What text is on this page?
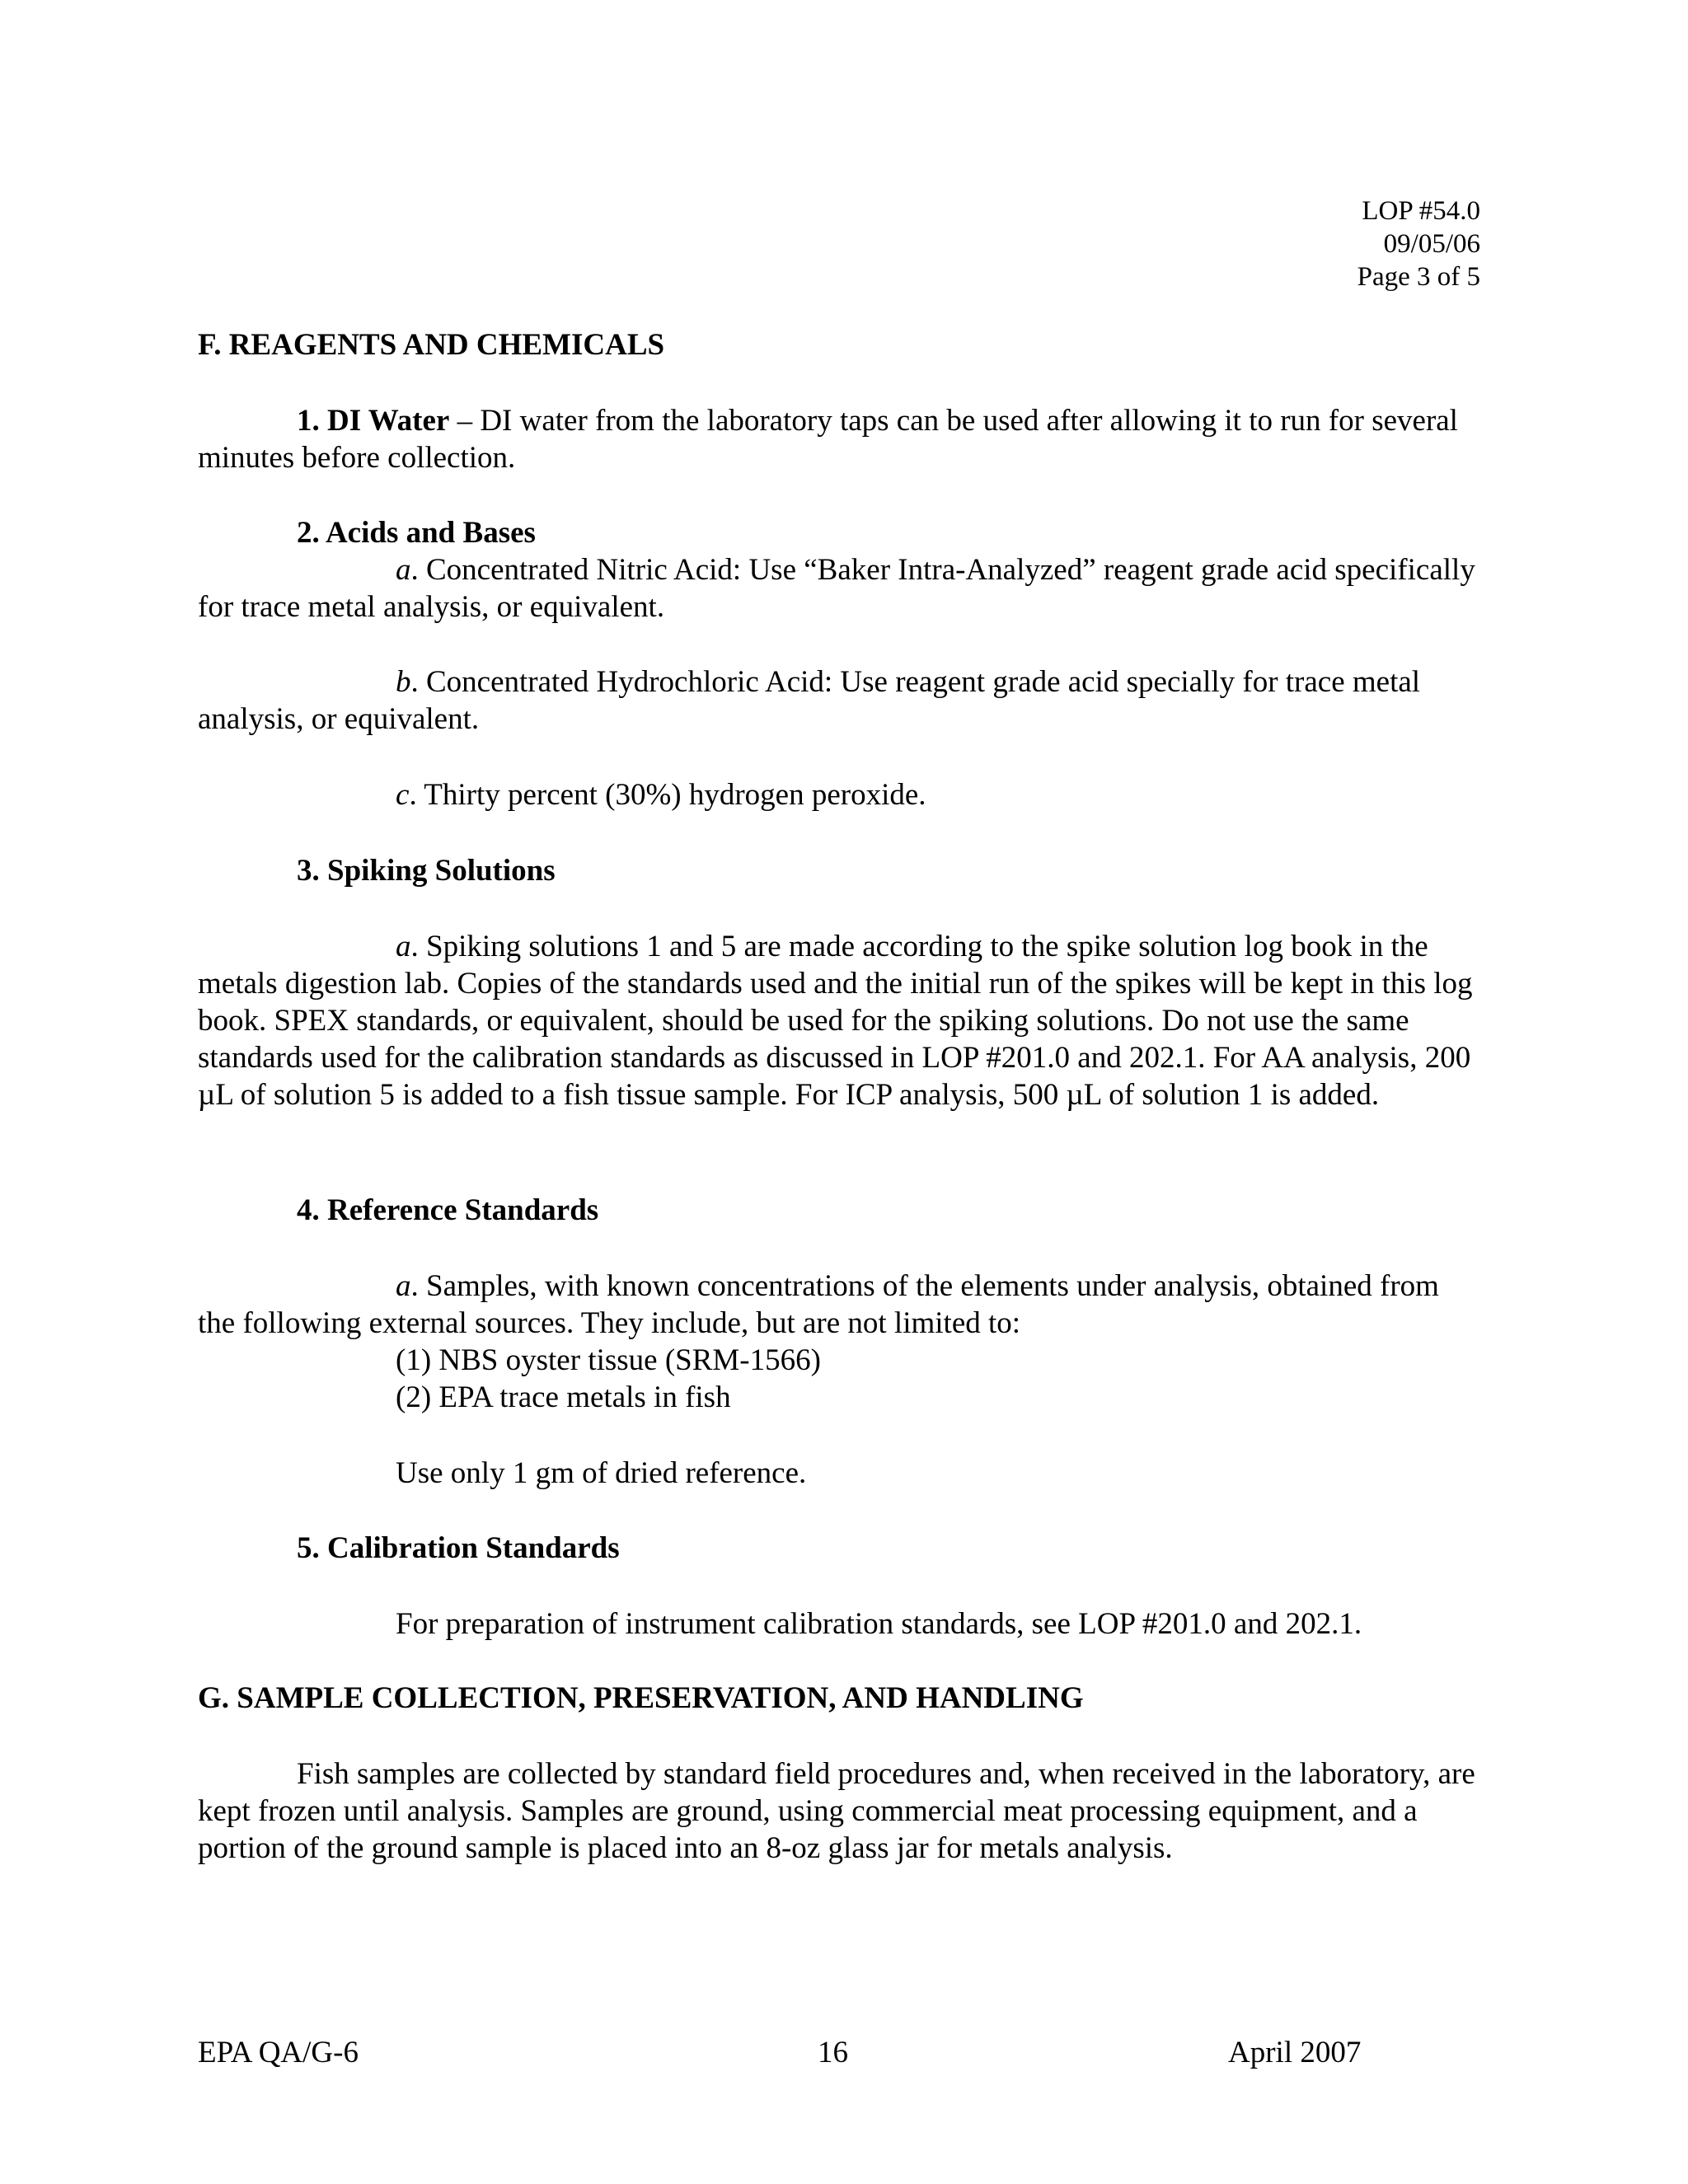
LOP #54.0
09/05/06
Page 3 of 5

F. REAGENTS AND CHEMICALS

1. DI Water – DI water from the laboratory taps can be used after allowing it to run for several minutes before collection.

2. Acids and Bases

a. Concentrated Nitric Acid: Use “Baker Intra-Analyzed” reagent grade acid specifically for trace metal analysis, or equivalent.

b. Concentrated Hydrochloric Acid: Use reagent grade acid specially for trace metal analysis, or equivalent.

c. Thirty percent (30%) hydrogen peroxide.

3. Spiking Solutions

a. Spiking solutions 1 and 5 are made according to the spike solution log book in the metals digestion lab. Copies of the standards used and the initial run of the spikes will be kept in this log book. SPEX standards, or equivalent, should be used for the spiking solutions. Do not use the same standards used for the calibration standards as discussed in LOP #201.0 and 202.1. For AA analysis, 200 µL of solution 5 is added to a fish tissue sample. For ICP analysis, 500 µL of solution 1 is added.

4. Reference Standards

a. Samples, with known concentrations of the elements under analysis, obtained from the following external sources. They include, but are not limited to:

(1) NBS oyster tissue (SRM-1566)

(2) EPA trace metals in fish

Use only 1 gm of dried reference.

5. Calibration Standards

For preparation of instrument calibration standards, see LOP #201.0 and 202.1.

G. SAMPLE COLLECTION, PRESERVATION, AND HANDLING

Fish samples are collected by standard field procedures and, when received in the laboratory, are kept frozen until analysis. Samples are ground, using commercial meat processing equipment, and a portion of the ground sample is placed into an 8-oz glass jar for metals analysis.

EPA QA/G-6	16	April 2007
